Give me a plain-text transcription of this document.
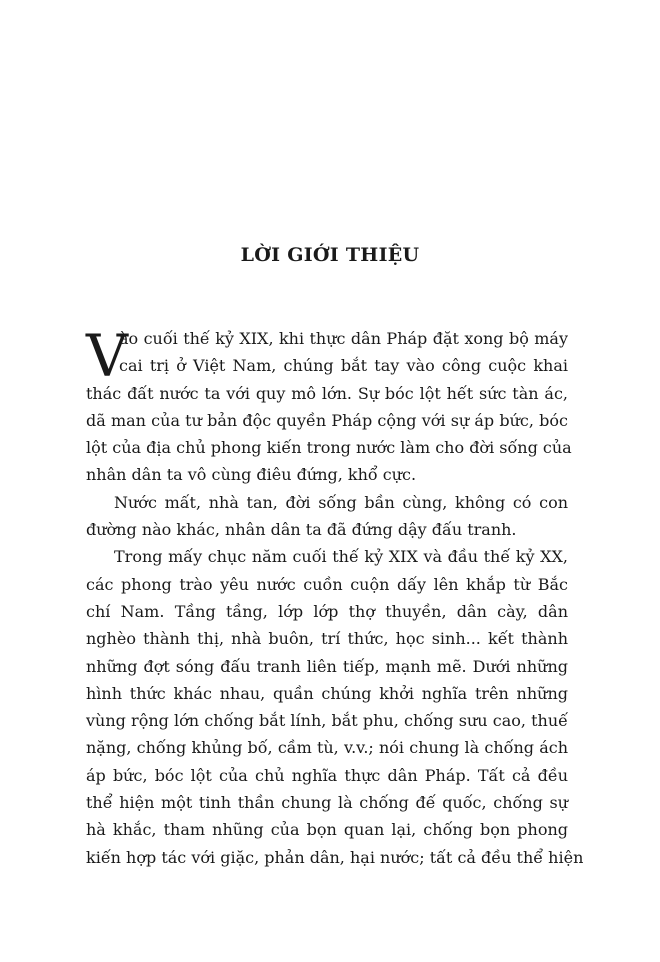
LỜI GIỚI THIỆU
V
ào cuối thế kỷ XIX, khi thực dân Pháp đặt xong bộ máy
cai trị ở Việt Nam, chúng bắt tay vào công cuộc khai
thác đất nước ta với quy mô lớn. Sự bóc lột hết sức tàn ác,
dã man của tư bản độc quyền Pháp cộng với sự áp bức, bóc
lột của địa chủ phong kiến trong nước làm cho đời sống của
nhân dân ta vô cùng điêu đứng, khổ cực.
Nước mất, nhà tan, đời sống bần cùng, không có con
đường nào khác, nhân dân ta đã đứng dậy đấu tranh.
Trong mấy chục năm cuối thế kỷ XIX và đầu thế kỷ XX,
các phong trào yêu nước cuồn cuộn dấy lên khắp từ Bắc
chí Nam. Tầng tầng, lớp lớp thợ thuyền, dân cày, dân
nghèo thành thị, nhà buôn, trí thức, học sinh... kết thành
những đợt sóng đấu tranh liên tiếp, mạnh mẽ. Dưới những
hình thức khác nhau, quần chúng khởi nghĩa trên những
vùng rộng lớn chống bắt lính, bắt phu, chống sưu cao, thuế
nặng, chống khủng bố, cầm tù, v.v.; nói chung là chống ách
áp bức, bóc lột của chủ nghĩa thực dân Pháp. Tất cả đều
thể hiện một tinh thần chung là chống đế quốc, chống sự
hà khắc, tham nhũng của bọn quan lại, chống bọn phong
kiến hợp tác với giặc, phản dân, hại nước; tất cả đều thể hiện
